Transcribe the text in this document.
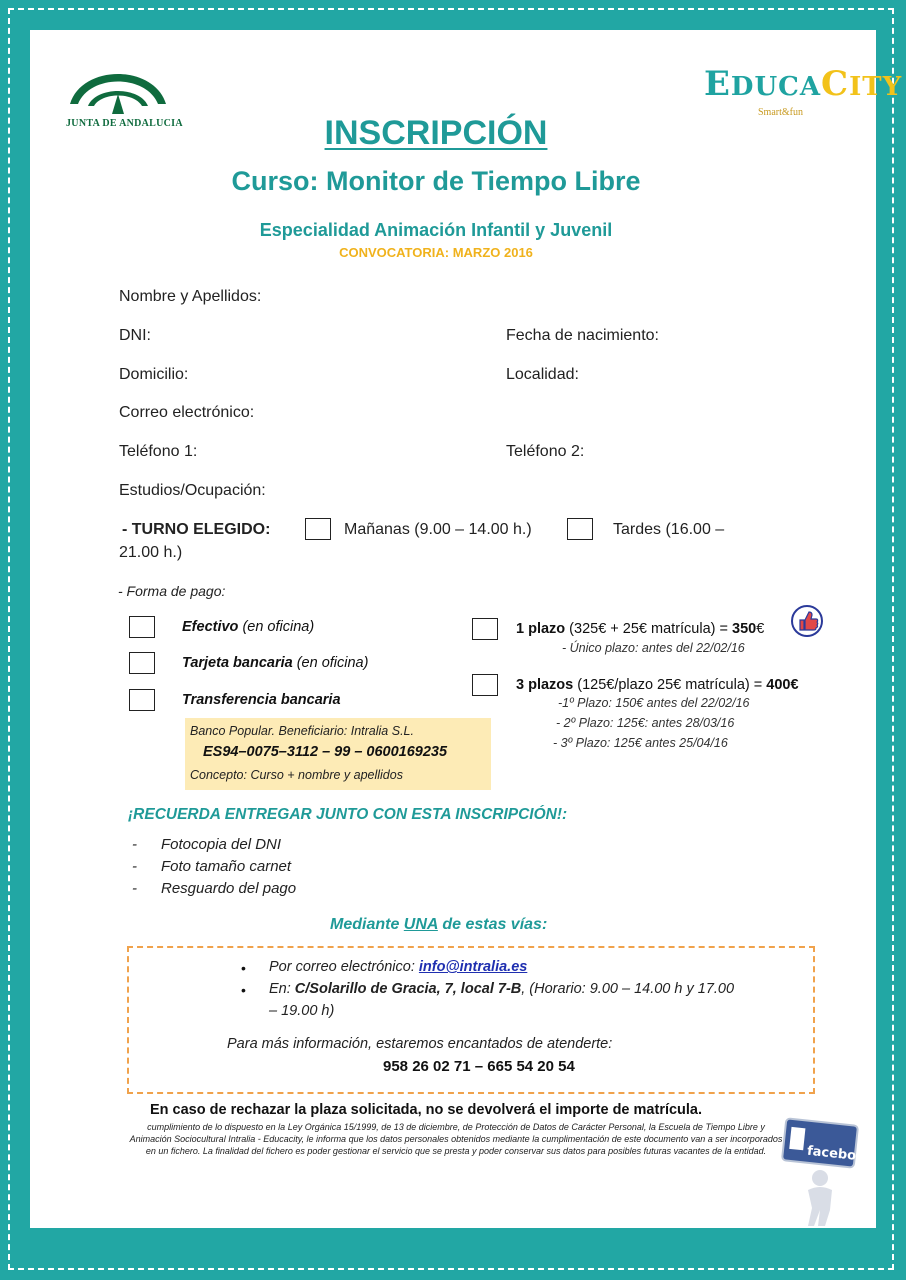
JUNTA DE ANDALUCIA
EDUCACITY
Smart&fun
INSCRIPCIÓN
Curso: Monitor de Tiempo Libre
Especialidad Animación Infantil y Juvenil
CONVOCATORIA: MARZO 2016
Nombre y Apellidos:
DNI:	Fecha de nacimiento:
Domicilio:	Localidad:
Correo electrónico:
Teléfono 1:	Teléfono 2:
Estudios/Ocupación:
- TURNO ELEGIDO:	Mañanas (9.00 – 14.00 h.)	Tardes (16.00 –
21.00 h.)
- Forma de pago:
Efectivo (en oficina)
Tarjeta bancaria (en oficina)
Transferencia bancaria
Banco Popular. Beneficiario: Intralia S.L.
ES94–0075–3112 – 99 – 0600169235
Concepto: Curso + nombre y apellidos
1 plazo (325€ + 25€ matrícula) = 350€
- Único plazo: antes del 22/02/16
3 plazos (125€/plazo 25€ matrícula) = 400€
-1º Plazo: 150€ antes del 22/02/16
- 2º Plazo: 125€: antes 28/03/16
- 3º Plazo: 125€ antes 25/04/16
¡RECUERDA ENTREGAR JUNTO CON ESTA INSCRIPCIÓN!:
- Fotocopia del DNI
- Foto tamaño carnet
- Resguardo del pago
Mediante UNA de estas vías:
• Por correo electrónico: info@intralia.es
• En: C/Solarillo de Gracia, 7, local 7-B, (Horario: 9.00 – 14.00 h y 17.00
– 19.00 h)
Para más información, estaremos encantados de atenderte:
958 26 02 71 – 665 54 20 54
En caso de rechazar la plaza solicitada, no se devolverá el importe de matrícula.
cumplimiento de lo dispuesto en la Ley Orgánica 15/1999, de 13 de diciembre, de Protección de Datos de Carácter Personal, la Escuela de Tiempo Libre y Animación Sociocultural Intralia - Educacity, le informa que los datos personales obtenidos mediante la cumplimentación de este documento van a ser incorporados en un fichero. La finalidad del fichero es poder gestionar el servicio que se presta y poder conservar sus datos para posibles futuras vacantes de la entidad.	facebook
